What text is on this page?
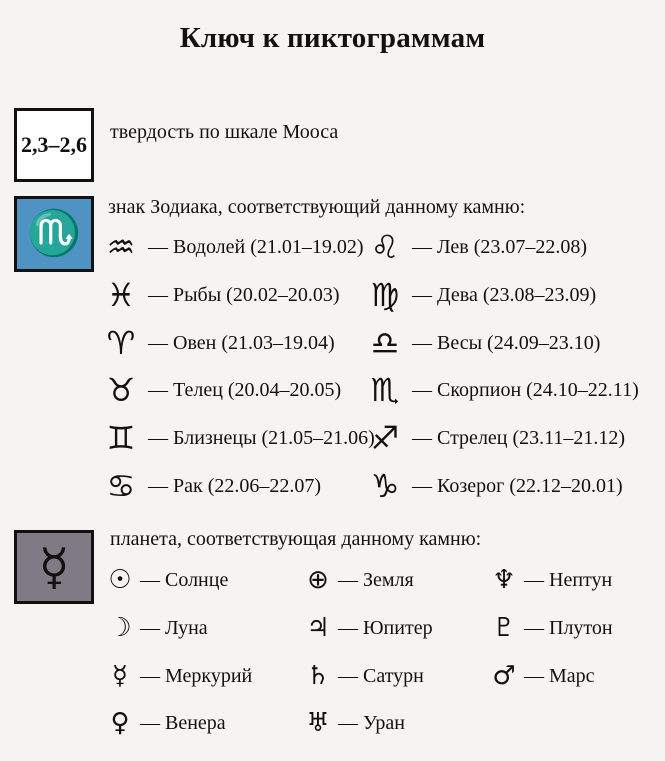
Ключ к пиктограммам
2,3–2,6 твердость по шкале Мооса
♏
знак Зодиака, соответствующий данному камню:
♒ — Водолей (21.01–19.02)
♓ — Рыбы (20.02–20.03)
♈ — Овен (21.03–19.04)
♉ — Телец (20.04–20.05)
♊ — Близнецы (21.05–21.06)
♋ — Рак (22.06–22.07)
♌ — Лев (23.07–22.08)
♍ — Дева (23.08–23.09)
♎ — Весы (24.09–23.10)
♏ — Скорпион (24.10–22.11)
♐ — Стрелец (23.11–21.12)
♑ — Козерог (22.12–20.01)
☿ планета, соответствующая данному камню:
☉ — Солнце
☽ — Луна
☿ — Меркурий
♀ — Венера
⊕ — Земля
♃ — Юпитер
♄ — Сатурн
♅ — Уран
♆ — Нептун
♇ — Плутон
♂ — Марс
